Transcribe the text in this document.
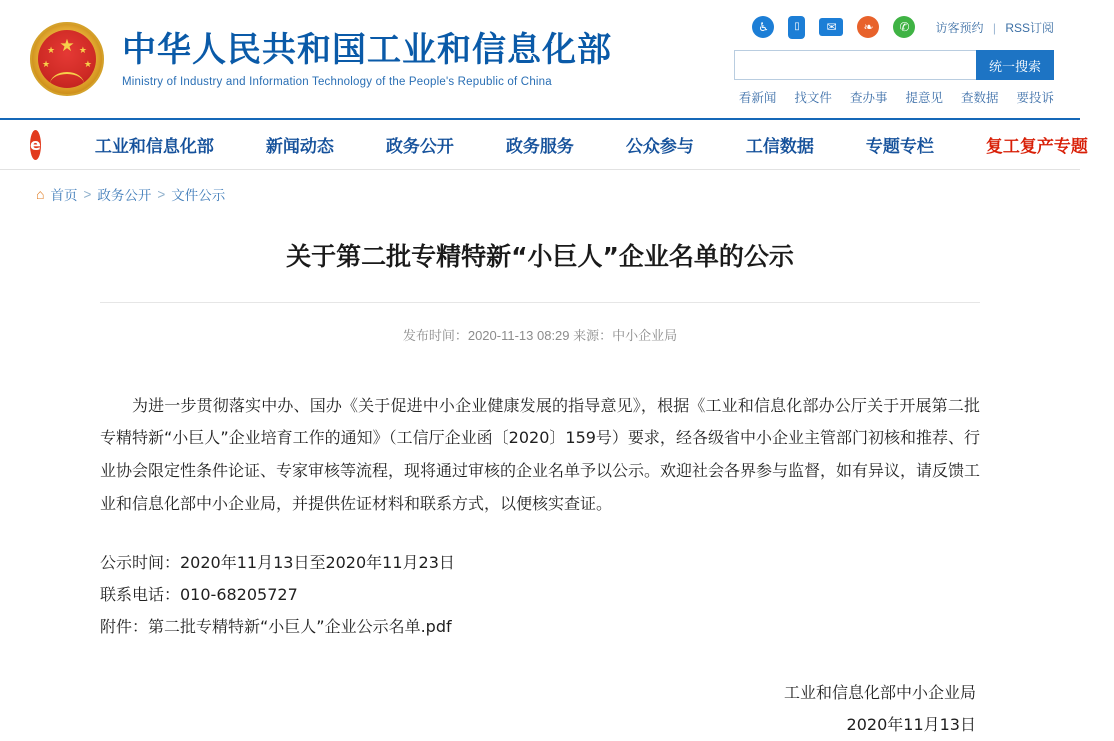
★
★
★
★
★ 中华人民共和国工业和信息化部
Ministry of Industry and Information Technology of the People's Republic of China
♿	▯	✉	❧	✆	访客预约 | RSS订阅
统一搜索
看新闻 找文件 查办事 提意见 查数据 要投诉
e	工业和信息化部	新闻动态	政务公开	政务服务	公众参与	工信数据	专题专栏	复工复产专题
⌂ 首页 > 政务公开 > 文件公示
关于第二批专精特新“小巨人”企业名单的公示
发布时间：2020-11-13 08:29 来源：中小企业局

为进一步贯彻落实中办、国办《关于促进中小企业健康发展的指导意见》，根据《工业和信息化部办公厅关于开展第二批专精特新“小巨人”企业培育工作的通知》（工信厅企业函〔2020〕159号）要求，经各级省中小企业主管部门初核和推荐、行业协会限定性条件论证、专家审核等流程，现将通过审核的企业名单予以公示。欢迎社会各界参与监督，如有异议，请反馈工业和信息化部中小企业局，并提供佐证材料和联系方式，以便核实查证。

公示时间：2020年11月13日至2020年11月23日
联系电话：010-68205727
附件：第二批专精特新“小巨人”企业公示名单.pdf
工业和信息化部中小企业局
2020年11月13日
